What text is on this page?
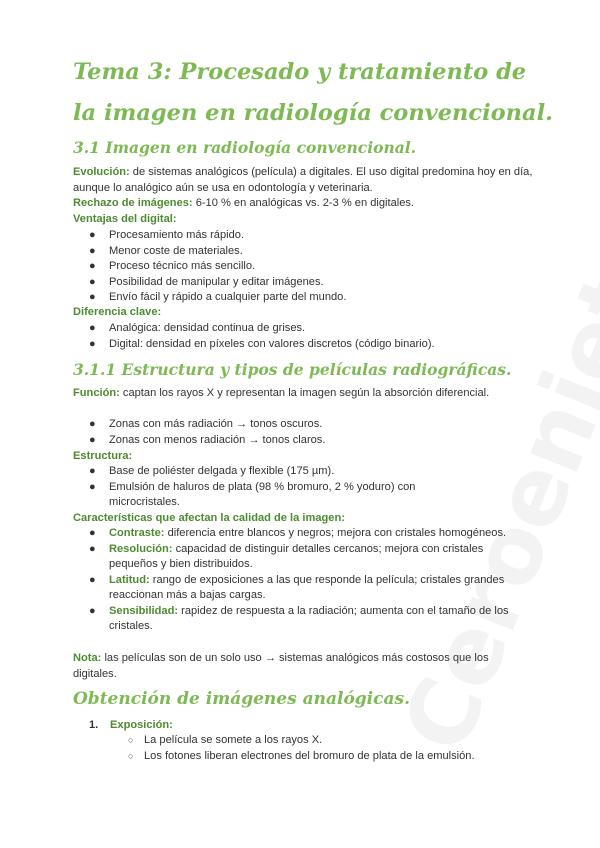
Tema 3: Procesado y tratamiento de la imagen en radiología convencional.
3.1 Imagen en radiología convencional.

Evolución: de sistemas analógicos (película) a digitales. El uso digital predomina hoy en día, aunque lo analógico aún se usa en odontología y veterinaria.

Rechazo de imágenes: 6-10 % en analógicas vs. 2-3 % en digitales.

Ventajas del digital:

● Procesamiento más rápido.
● Menor coste de materiales.
● Proceso técnico más sencillo.
● Posibilidad de manipular y editar imágenes.
● Envío fácil y rápido a cualquier parte del mundo.

Diferencia clave:

● Analógica: densidad continua de grises.
● Digital: densidad en píxeles con valores discretos (código binario).
3.1.1 Estructura y tipos de películas radiográficas.

Función: captan los rayos X y representan la imagen según la absorción diferencial.

● Zonas con más radiación → tonos oscuros.
● Zonas con menos radiación → tonos claros.

Estructura:

● Base de poliéster delgada y flexible (175 µm).
● Emulsión de haluros de plata (98 % bromuro, 2 % yoduro) con microcristales.

Características que afectan la calidad de la imagen:

● Contraste: diferencia entre blancos y negros; mejora con cristales homogéneos.
● Resolución: capacidad de distinguir detalles cercanos; mejora con cristales pequeños y bien distribuidos.
● Latitud: rango de exposiciones a las que responde la película; cristales grandes reaccionan más a bajas cargas.
● Sensibilidad: rapidez de respuesta a la radiación; aumenta con el tamaño de los cristales.

Nota: las películas son de un solo uso → sistemas analógicos más costosos que los digitales.

Obtención de imágenes analógicas.
1. Exposición:
○ La película se somete a los rayos X.
○ Los fotones liberan electrones del bromuro de plata de la emulsión.
